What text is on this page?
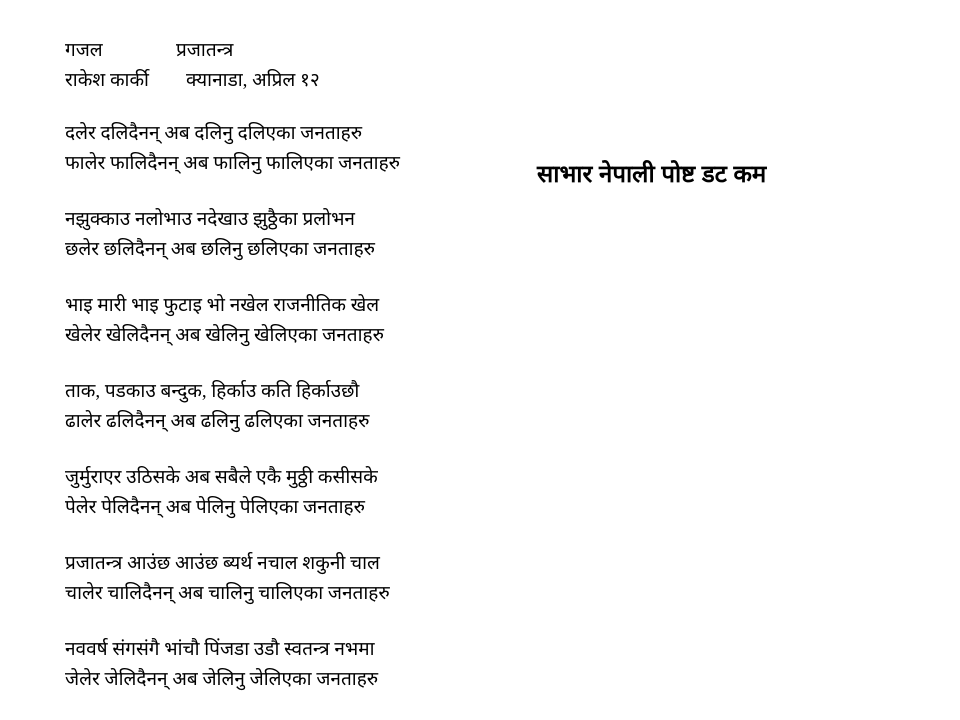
गजल	प्रजातन्त्र
राकेश कार्की क्यानाडा, अप्रिल १२
दलेर दलिदैनन् अब दलिनु दलिएका जनताहरु
फालेर फालिदैनन् अब फालिनु फालिएका जनताहरु
नझुक्काउ नलोभाउ नदेखाउ झुठ्ठैका प्रलोभन
छलेर छलिदैनन् अब छलिनु छलिएका जनताहरु
भाइ मारी भाइ फुटाइ भो नखेल राजनीतिक खेल
खेलेर खेलिदैनन् अब खेलिनु खेलिएका जनताहरु
ताक, पडकाउ बन्दुक, हिर्काउ कति हिर्काउछौ
ढालेर ढलिदैनन् अब ढलिनु ढलिएका जनताहरु
जुर्मुराएर उठिसके अब सबैले एकै मुठ्ठी कसीसके
पेलेर पेलिदैनन् अब पेलिनु पेलिएका जनताहरु
प्रजातन्त्र आउंछ आउंछ ब्यर्थ नचाल शकुनी चाल
चालेर चालिदैनन् अब चालिनु चालिएका जनताहरु
नववर्ष संगसंगै भांचौ पिंजडा उडौ स्वतन्त्र नभमा
जेलेर जेलिदैनन् अब जेलिनु जेलिएका जनताहरु
साभार नेपाली पोष्ट डट कम
